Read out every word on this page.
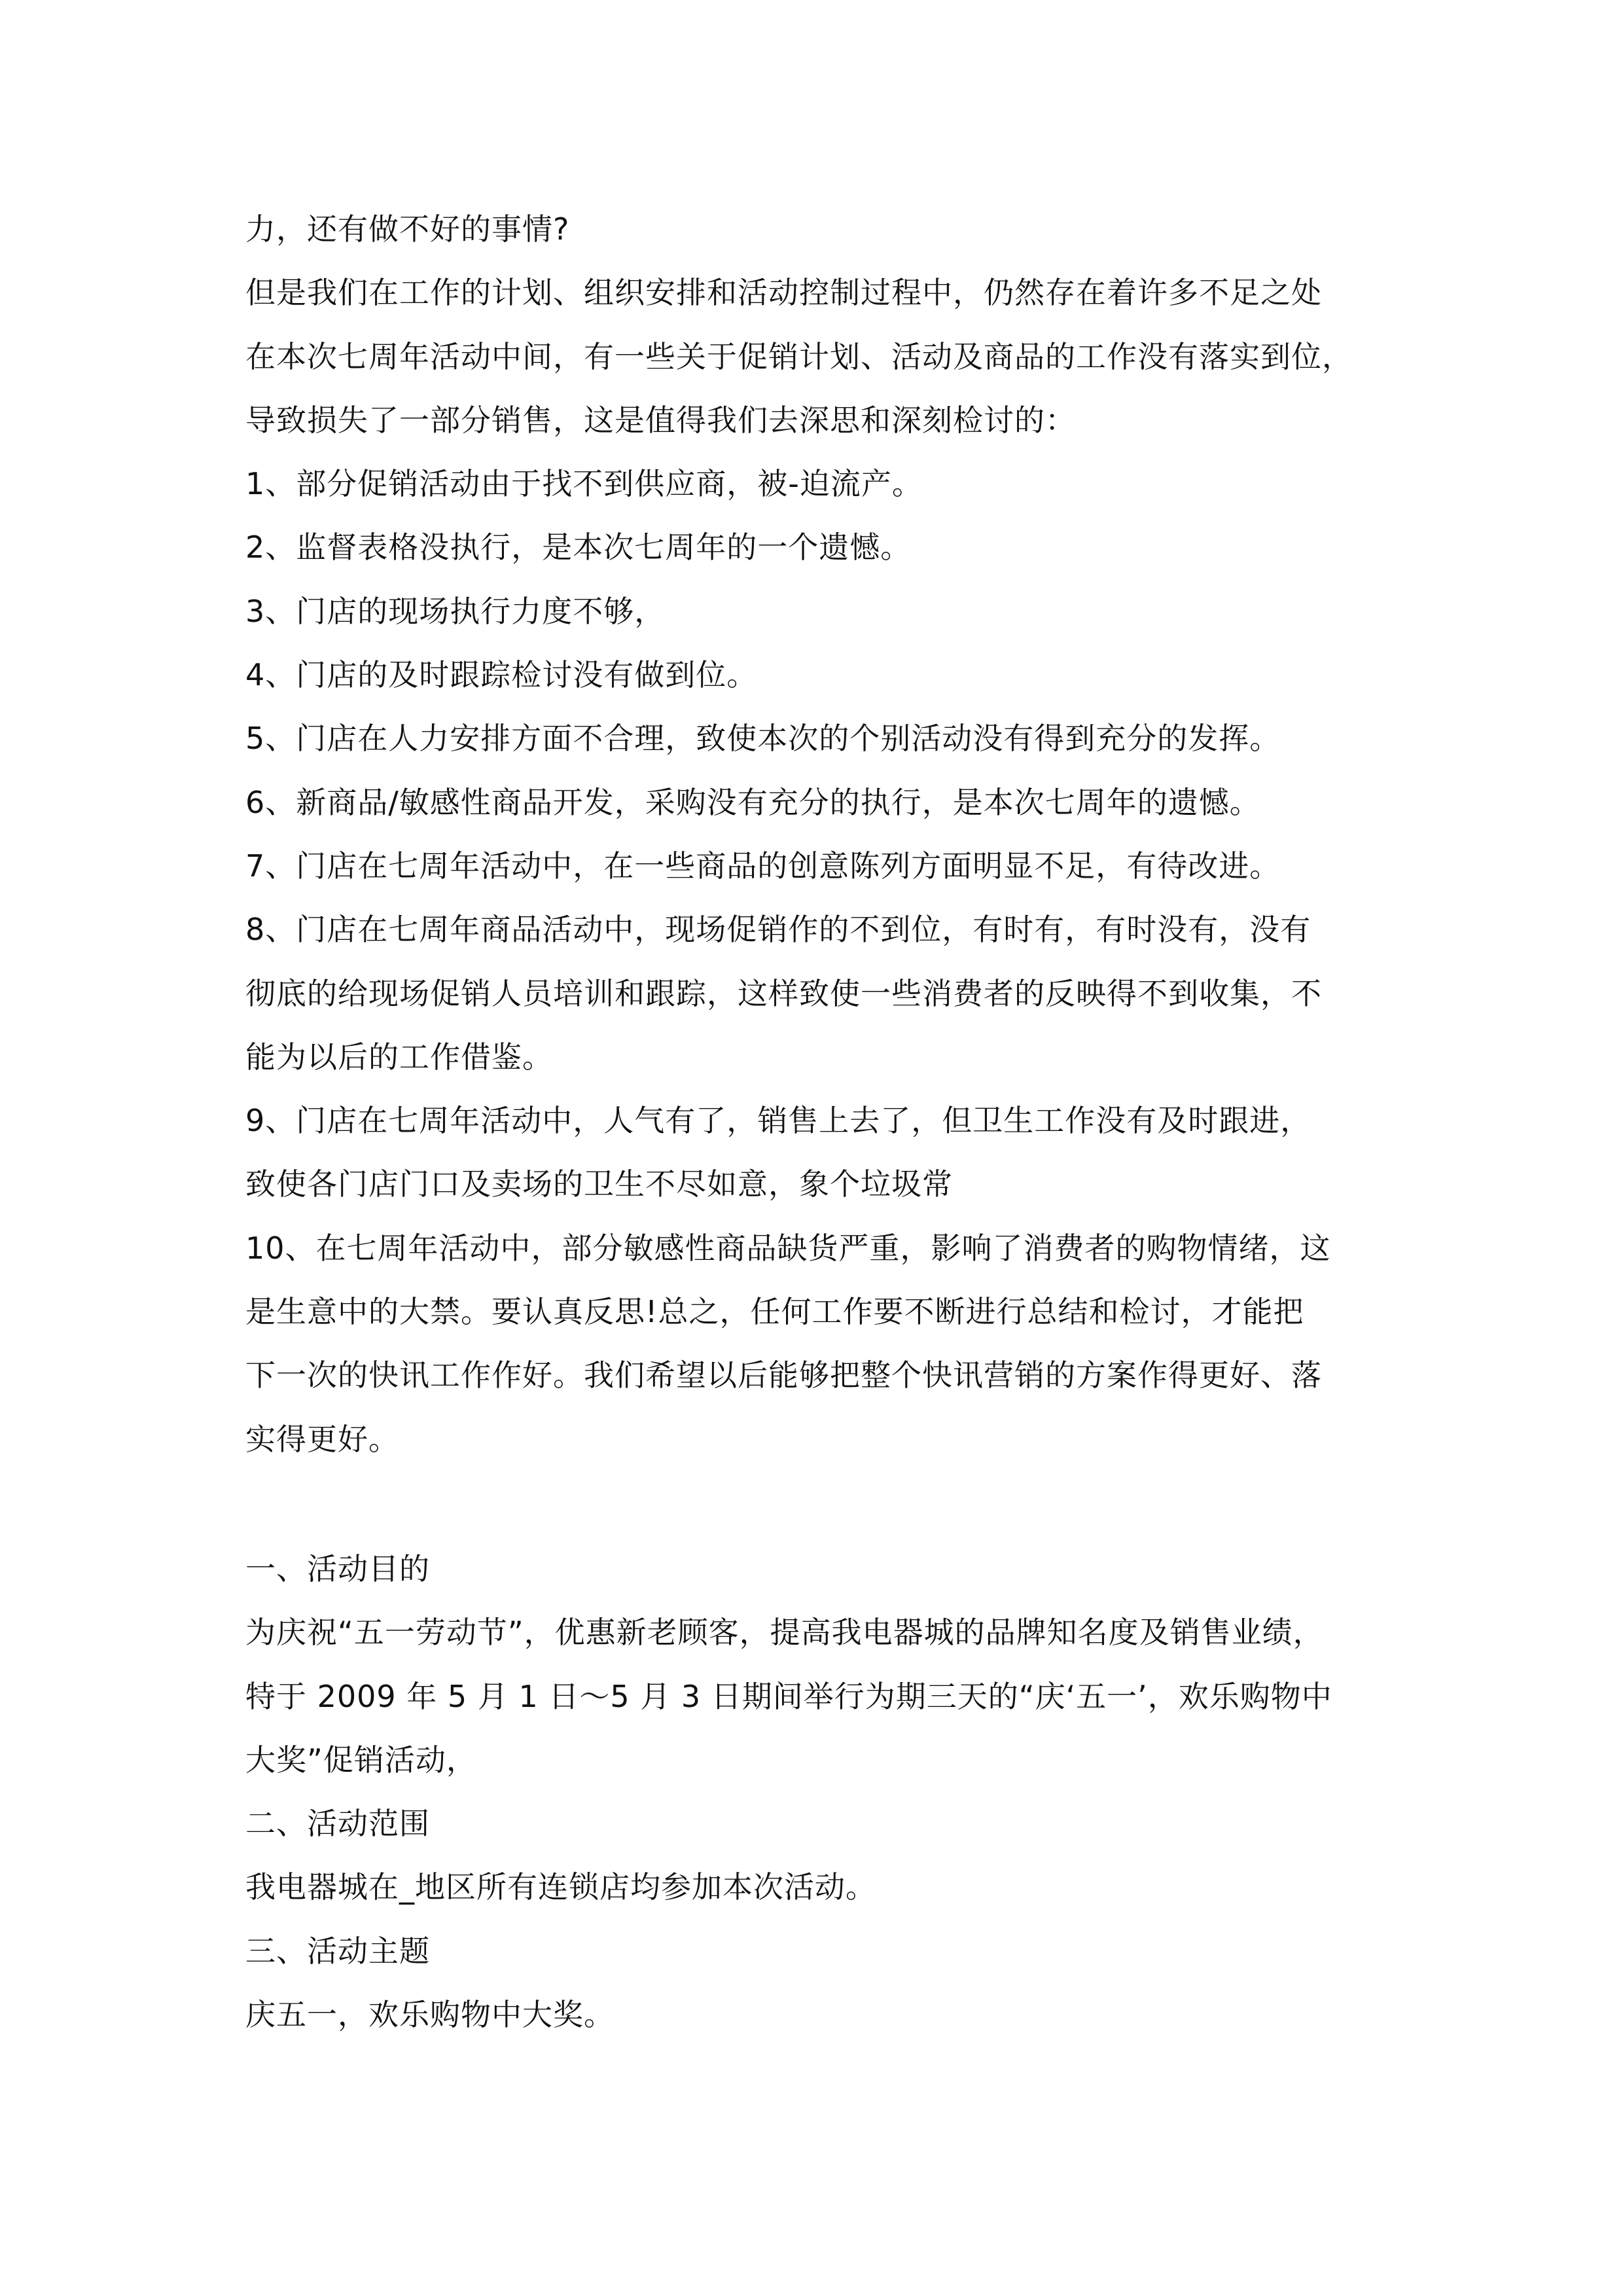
力，还有做不好的事情?
但是我们在工作的计划、组织安排和活动控制过程中，仍然存在着许多不足之处
在本次七周年活动中间，有一些关于促销计划、活动及商品的工作没有落实到位，
导致损失了一部分销售，这是值得我们去深思和深刻检讨的：
1、部分促销活动由于找不到供应商，被-迫流产。
2、监督表格没执行，是本次七周年的一个遗憾。
3、门店的现场执行力度不够，
4、门店的及时跟踪检讨没有做到位。
5、门店在人力安排方面不合理，致使本次的个别活动没有得到充分的发挥。
6、新商品/敏感性商品开发，采购没有充分的执行，是本次七周年的遗憾。
7、门店在七周年活动中，在一些商品的创意陈列方面明显不足，有待改进。
8、门店在七周年商品活动中，现场促销作的不到位，有时有，有时没有，没有
彻底的给现场促销人员培训和跟踪，这样致使一些消费者的反映得不到收集，不
能为以后的工作借鉴。
9、门店在七周年活动中，人气有了，销售上去了，但卫生工作没有及时跟进，
致使各门店门口及卖场的卫生不尽如意，象个垃圾常
10、在七周年活动中，部分敏感性商品缺货严重，影响了消费者的购物情绪，这
是生意中的大禁。要认真反思!总之，任何工作要不断进行总结和检讨，才能把
下一次的快讯工作作好。我们希望以后能够把整个快讯营销的方案作得更好、落
实得更好。
一、活动目的
为庆祝“五一劳动节”，优惠新老顾客，提高我电器城的品牌知名度及销售业绩，
特于 2009 年 5 月 1 日～5 月 3 日期间举行为期三天的“庆‘五一’，欢乐购物中
大奖”促销活动，
二、活动范围
我电器城在_地区所有连锁店均参加本次活动。
三、活动主题
庆五一，欢乐购物中大奖。
